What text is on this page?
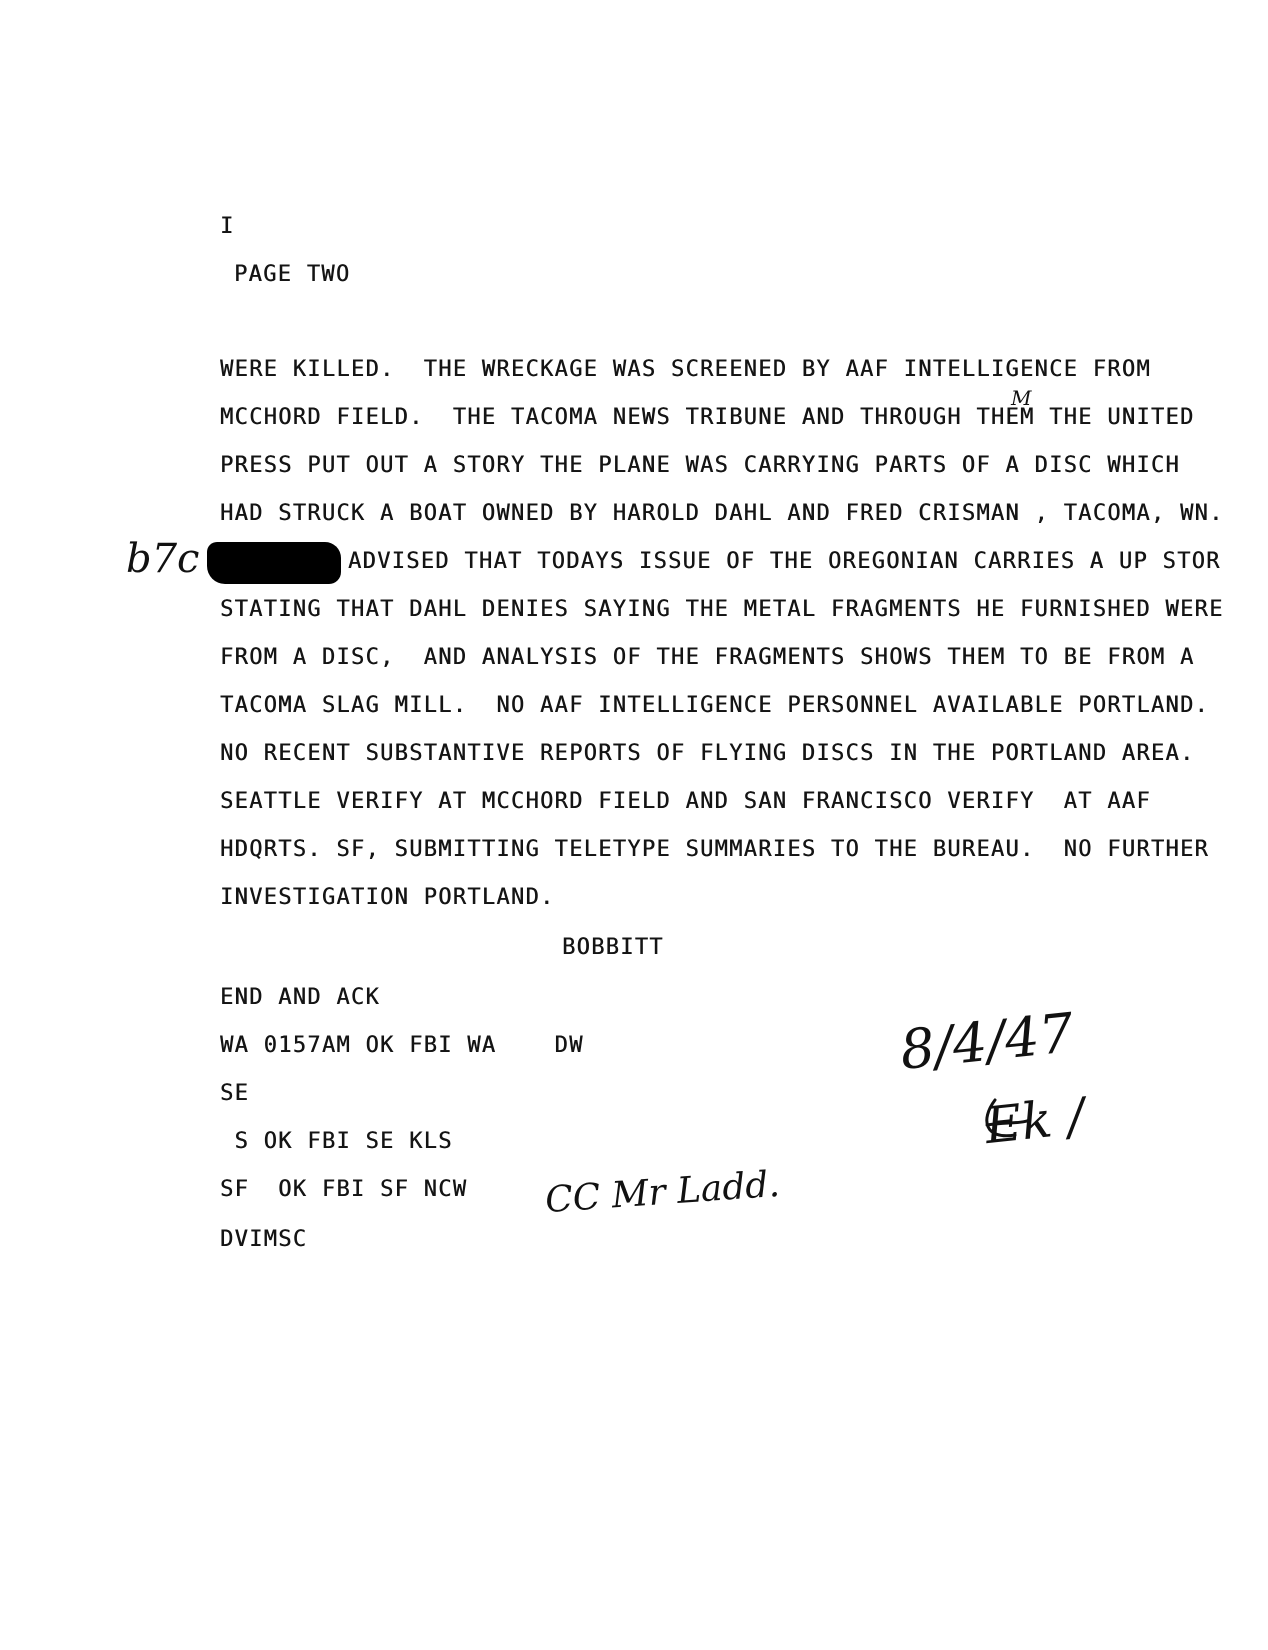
I
PAGE TWO
WERE KILLED.  THE WRECKAGE WAS SCREENED BY AAF INTELLIGENCE FROM
MCCHORD FIELD.  THE TACOMA NEWS TRIBUNE AND THROUGH THEM THE UNITED
PRESS PUT OUT A STORY THE PLANE WAS CARRYING PARTS OF A DISC WHICH
HAD STRUCK A BOAT OWNED BY HAROLD DAHL AND FRED CRISMAN , TACOMA, WN.
ADVISED THAT TODAYS ISSUE OF THE OREGONIAN CARRIES A UP STOR
STATING THAT DAHL DENIES SAYING THE METAL FRAGMENTS HE FURNISHED WERE
FROM A DISC,  AND ANALYSIS OF THE FRAGMENTS SHOWS THEM TO BE FROM A
TACOMA SLAG MILL.  NO AAF INTELLIGENCE PERSONNEL AVAILABLE PORTLAND.
NO RECENT SUBSTANTIVE REPORTS OF FLYING DISCS IN THE PORTLAND AREA.
SEATTLE VERIFY AT MCCHORD FIELD AND SAN FRANCISCO VERIFY  AT AAF
HDQRTS. SF, SUBMITTING TELETYPE SUMMARIES TO THE BUREAU.  NO FURTHER
INVESTIGATION PORTLAND.
b7c
M
BOBBITT
END AND ACK
WA 0157AM OK FBI WA    DW
SE
S OK FBI SE KLS
SF  OK FBI SF NCW
DVIMSC
CC Mr Ladd.
8/4/47
Ek /
